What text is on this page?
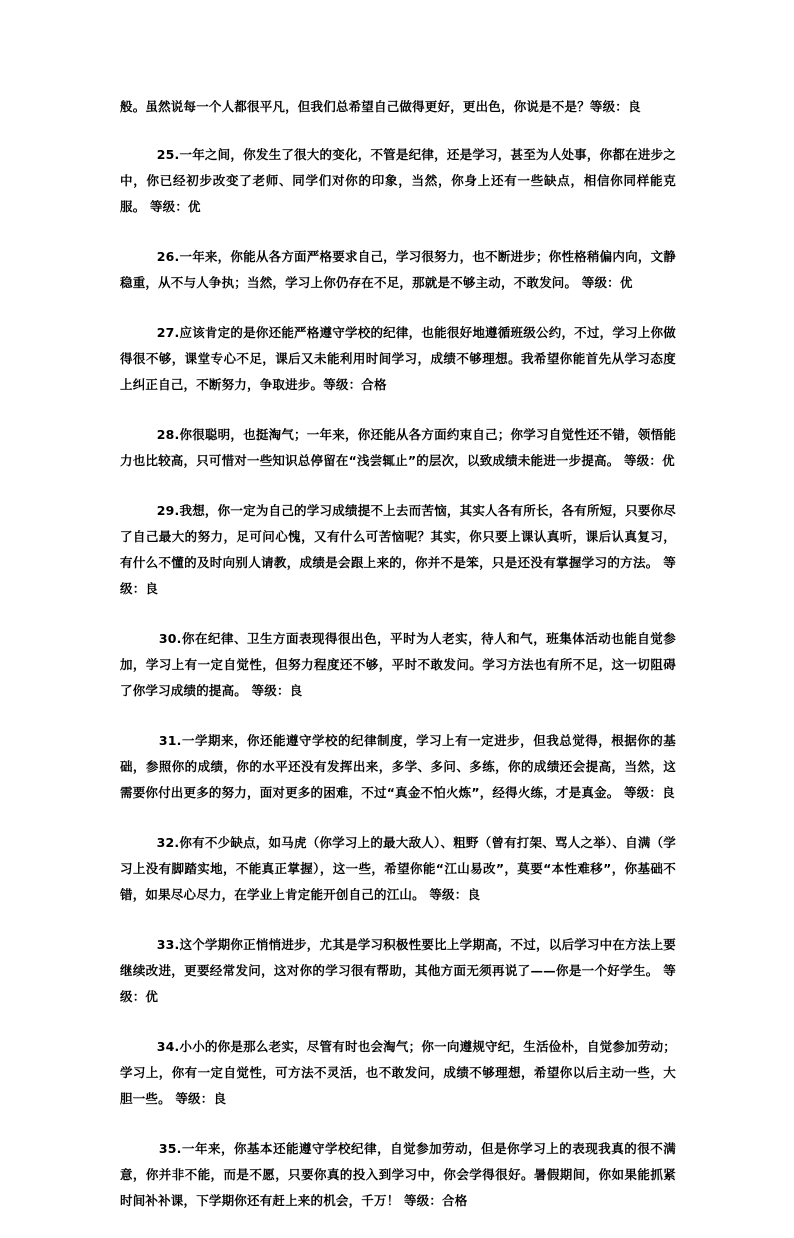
般。虽然说每一个人都很平凡，但我们总希望自己做得更好，更出色，你说是不是？等级：良

25.一年之间，你发生了很大的变化，不管是纪律，还是学习，甚至为人处事，你都在进步之中，你已经初步改变了老师、同学们对你的印象，当然，你身上还有一些缺点，相信你同样能克服。 等级：优

26.一年来，你能从各方面严格要求自己，学习很努力，也不断进步；你性格稍偏内向，文静稳重，从不与人争执；当然，学习上你仍存在不足，那就是不够主动，不敢发问。 等级：优

27.应该肯定的是你还能严格遵守学校的纪律，也能很好地遵循班级公约，不过，学习上你做得很不够，课堂专心不足，课后又未能利用时间学习，成绩不够理想。我希望你能首先从学习态度上纠正自己，不断努力，争取进步。等级：合格

28.你很聪明，也挺淘气；一年来，你还能从各方面约束自己；你学习自觉性还不错，领悟能力也比较高，只可惜对一些知识总停留在“浅尝辄止”的层次，以致成绩未能进一步提高。 等级：优

29.我想，你一定为自己的学习成绩提不上去而苦恼，其实人各有所长，各有所短，只要你尽了自己最大的努力，足可问心愧，又有什么可苦恼呢？其实，你只要上课认真听，课后认真复习，有什么不懂的及时向别人请教，成绩是会跟上来的，你并不是笨，只是还没有掌握学习的方法。 等级：良

30.你在纪律、卫生方面表现得很出色，平时为人老实，待人和气，班集体活动也能自觉参加，学习上有一定自觉性，但努力程度还不够，平时不敢发问。学习方法也有所不足，这一切阻碍了你学习成绩的提高。 等级：良

31.一学期来，你还能遵守学校的纪律制度，学习上有一定进步，但我总觉得，根据你的基础，参照你的成绩，你的水平还没有发挥出来，多学、多问、多练，你的成绩还会提高，当然，这需要你付出更多的努力，面对更多的困难，不过“真金不怕火炼”，经得火练，才是真金。 等级：良

32.你有不少缺点，如马虎（你学习上的最大敌人）、粗野（曾有打架、骂人之举）、自满（学习上没有脚踏实地，不能真正掌握），这一些，希望你能“江山易改”，莫要“本性难移”，你基础不错，如果尽心尽力，在学业上肯定能开创自己的江山。 等级：良

33.这个学期你正悄悄进步，尤其是学习积极性要比上学期高，不过，以后学习中在方法上要继续改进，更要经常发问，这对你的学习很有帮助，其他方面无须再说了——你是一个好学生。 等级：优

34.小小的你是那么老实，尽管有时也会淘气；你一向遵规守纪，生活俭朴，自觉参加劳动；学习上，你有一定自觉性，可方法不灵活，也不敢发问，成绩不够理想，希望你以后主动一些，大胆一些。 等级：良

35.一年来，你基本还能遵守学校纪律，自觉参加劳动，但是你学习上的表现我真的很不满意，你并非不能，而是不愿，只要你真的投入到学习中，你会学得很好。暑假期间，你如果能抓紧时间补补课，下学期你还有赶上来的机会，千万！ 等级：合格
